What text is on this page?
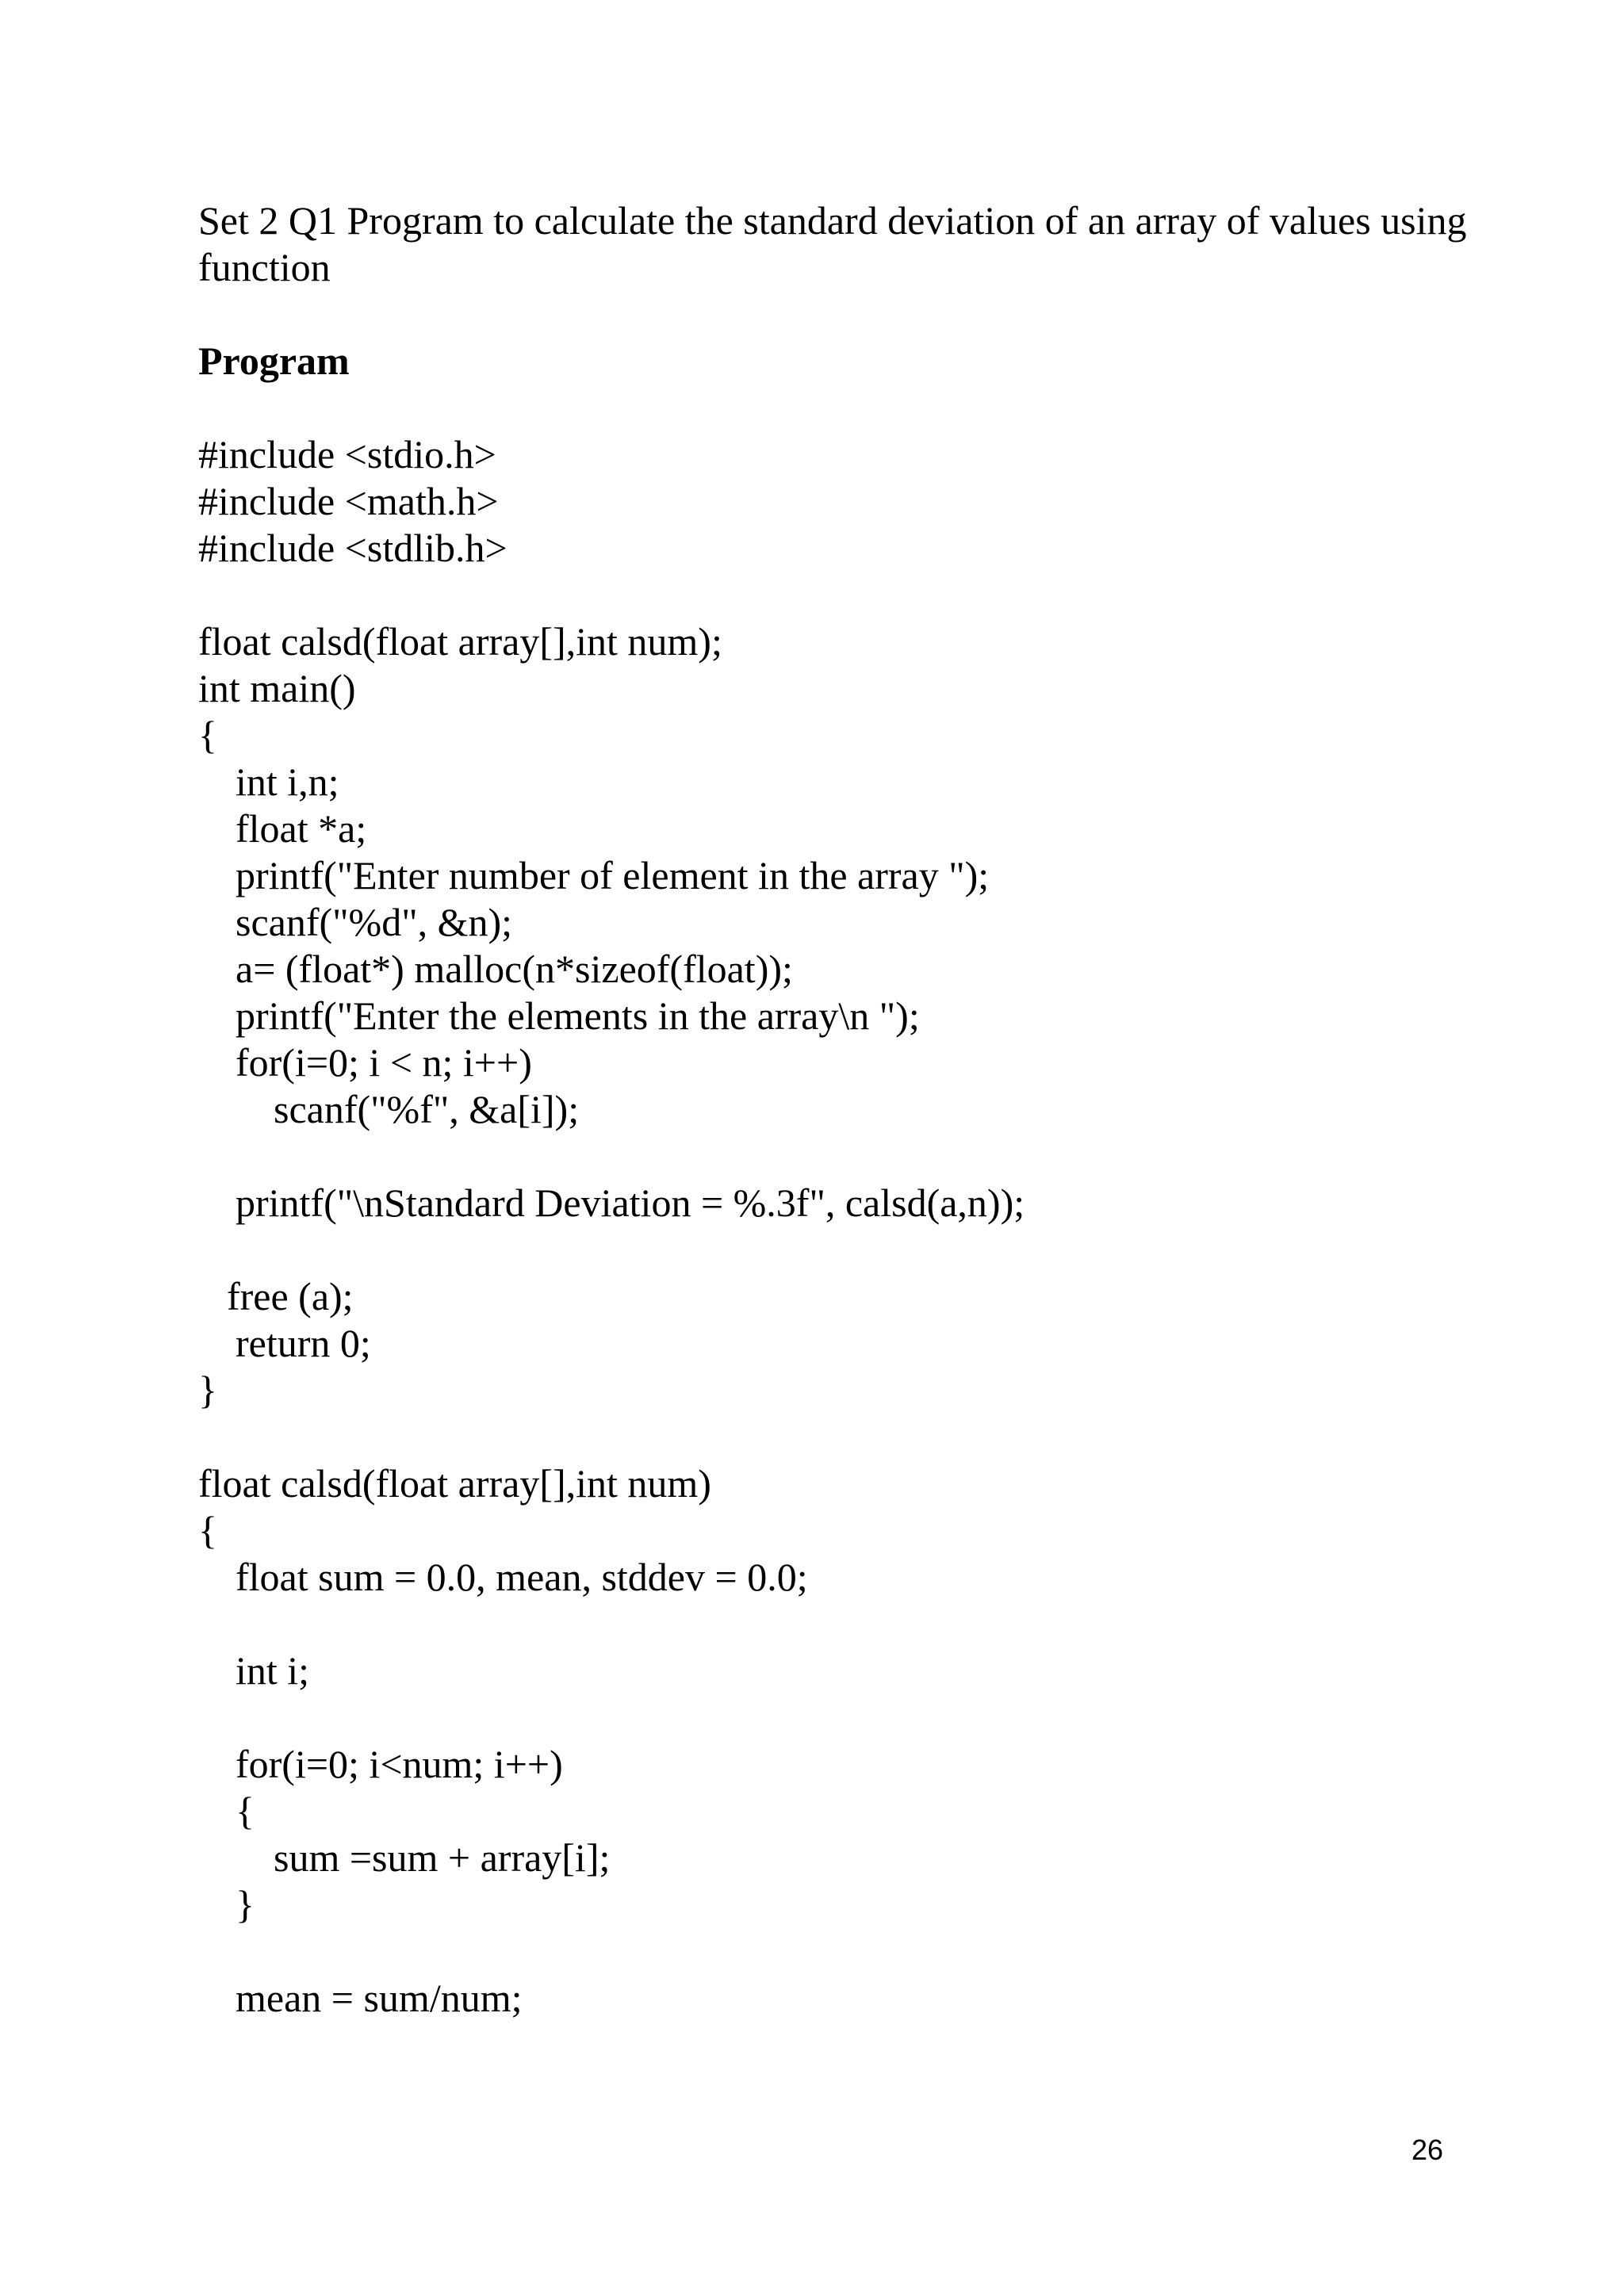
Set 2 Q1 Program to calculate the standard deviation of an array of values using

function

Program

#include <stdio.h>

#include <math.h>

#include <stdlib.h>

float calsd(float array[],int num);

int main()

{

int i,n;

float *a;

printf("Enter number of element in the array ");

scanf("%d", &n);

a= (float*) malloc(n*sizeof(float));

printf("Enter the elements in the array\n ");

for(i=0; i < n; i++)

scanf("%f", &a[i]);

printf("\nStandard Deviation = %.3f", calsd(a,n));

free (a);

return 0;

}

float calsd(float array[],int num)

{

float sum = 0.0, mean, stddev = 0.0;

int i;

for(i=0; i<num; i++)

{

sum =sum + array[i];

}

mean = sum/num;

26
